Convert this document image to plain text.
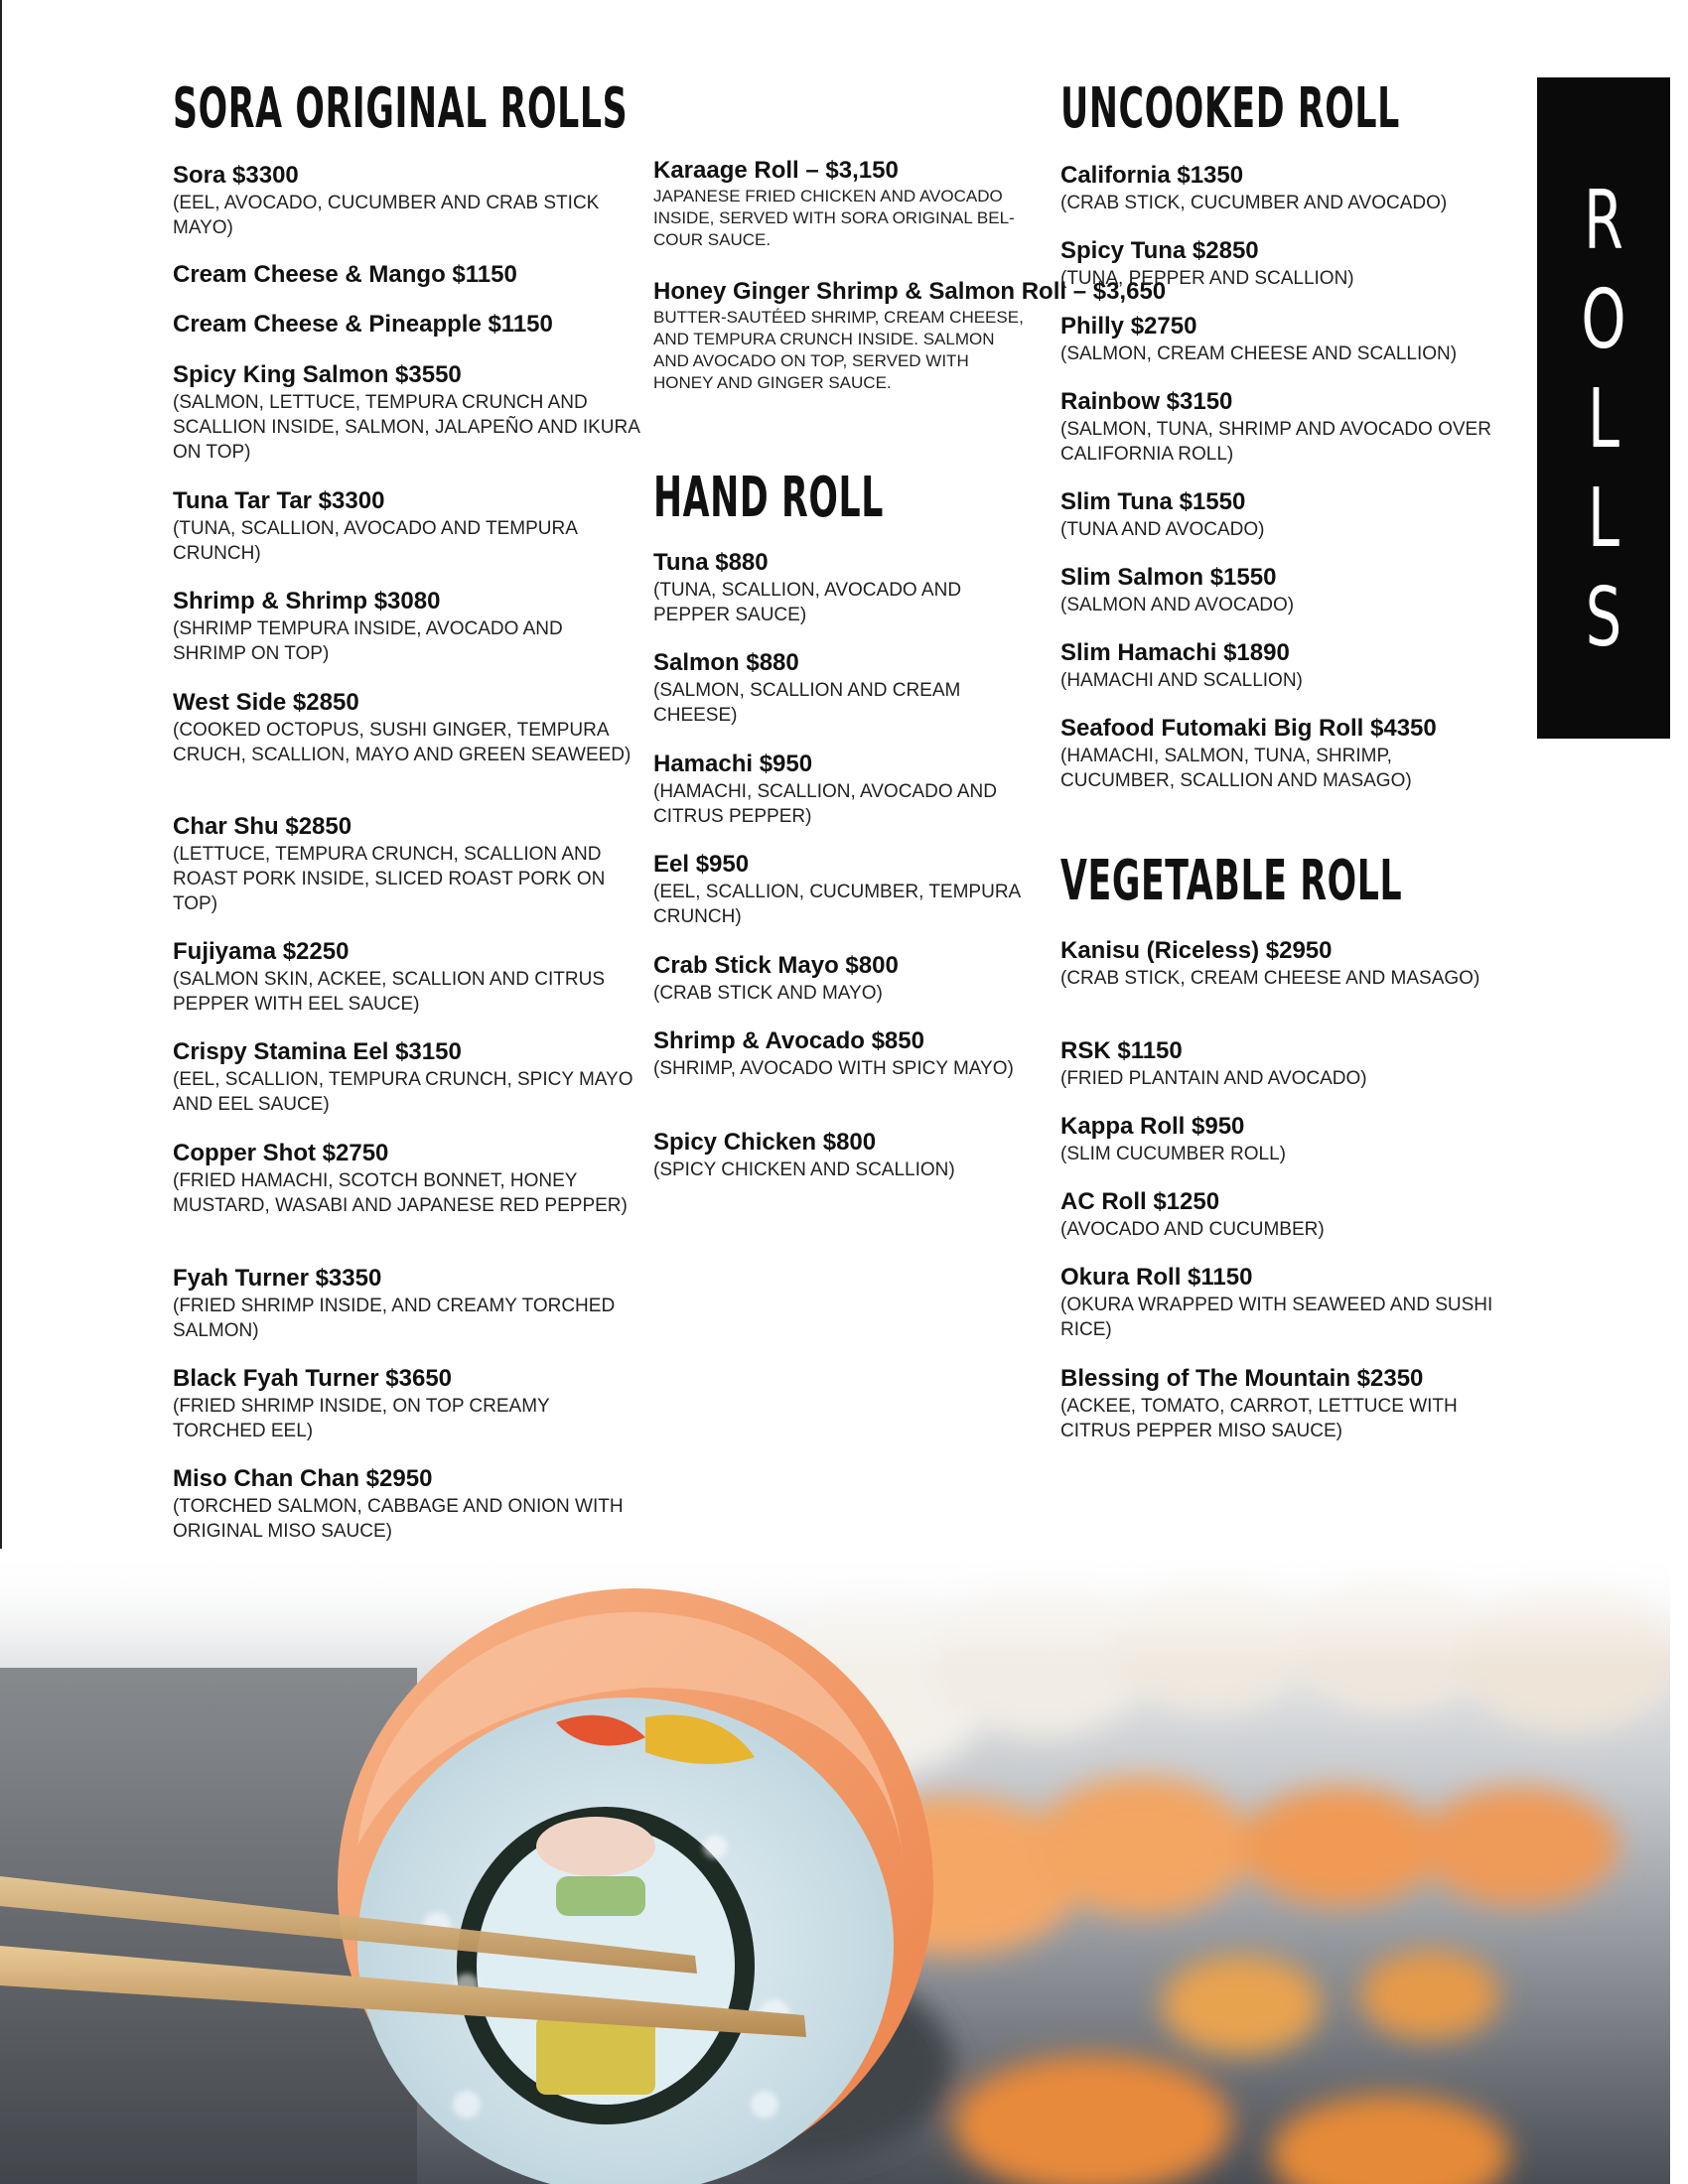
SORA ORIGINAL ROLLS
Sora $3300
(EEL, AVOCADO, CUCUMBER AND CRAB STICK MAYO)
Cream Cheese & Mango $1150
Cream Cheese & Pineapple $1150
Spicy King Salmon $3550
(SALMON, LETTUCE, TEMPURA CRUNCH AND SCALLION INSIDE, SALMON, JALAPEÑO AND IKURA ON TOP)
Tuna Tar Tar $3300
(TUNA, SCALLION, AVOCADO AND TEMPURA CRUNCH)
Shrimp & Shrimp $3080
(SHRIMP TEMPURA INSIDE, AVOCADO AND SHRIMP ON TOP)
West Side $2850
(COOKED OCTOPUS, SUSHI GINGER, TEMPURA CRUCH, SCALLION, MAYO AND GREEN SEAWEED)
Char Shu $2850
(LETTUCE, TEMPURA CRUNCH, SCALLION AND ROAST PORK INSIDE, SLICED ROAST PORK ON TOP)
Fujiyama $2250
(SALMON SKIN, ACKEE, SCALLION AND CITRUS PEPPER WITH EEL SAUCE)
Crispy Stamina Eel $3150
(EEL, SCALLION, TEMPURA CRUNCH, SPICY MAYO AND EEL SAUCE)
Copper Shot $2750
(FRIED HAMACHI, SCOTCH BONNET, HONEY MUSTARD, WASABI AND JAPANESE RED PEPPER)
Fyah Turner $3350
(FRIED SHRIMP INSIDE, AND CREAMY TORCHED SALMON)
Black Fyah Turner $3650
(FRIED SHRIMP INSIDE, ON TOP CREAMY TORCHED EEL)
Miso Chan Chan $2950
(TORCHED SALMON, CABBAGE AND ONION WITH ORIGINAL MISO SAUCE)
Karaage Roll – $3,150
JAPANESE FRIED CHICKEN AND AVOCADO INSIDE, SERVED WITH SORA ORIGINAL BEL-COUR SAUCE.
Honey Ginger Shrimp & Salmon Roll – $3,650
BUTTER-SAUTÉED SHRIMP, CREAM CHEESE, AND TEMPURA CRUNCH INSIDE. SALMON AND AVOCADO ON TOP, SERVED WITH HONEY AND GINGER SAUCE.
HAND ROLL
Tuna $880
(TUNA, SCALLION, AVOCADO AND PEPPER SAUCE)
Salmon $880
(SALMON, SCALLION AND CREAM CHEESE)
Hamachi $950
(HAMACHI, SCALLION, AVOCADO AND CITRUS PEPPER)
Eel $950
(EEL, SCALLION, CUCUMBER, TEMPURA CRUNCH)
Crab Stick Mayo $800
(CRAB STICK AND MAYO)
Shrimp & Avocado $850
(SHRIMP, AVOCADO WITH SPICY MAYO)
Spicy Chicken $800
(SPICY CHICKEN AND SCALLION)
UNCOOKED ROLL
California $1350
(CRAB STICK, CUCUMBER AND AVOCADO)
Spicy Tuna $2850
(TUNA, PEPPER AND SCALLION)
Philly $2750
(SALMON, CREAM CHEESE AND SCALLION)
Rainbow $3150
(SALMON, TUNA, SHRIMP AND AVOCADO OVER CALIFORNIA ROLL)
Slim Tuna $1550
(TUNA AND AVOCADO)
Slim Salmon $1550
(SALMON AND AVOCADO)
Slim Hamachi $1890
(HAMACHI AND SCALLION)
Seafood Futomaki Big Roll $4350
(HAMACHI, SALMON, TUNA, SHRIMP, CUCUMBER, SCALLION AND MASAGO)
VEGETABLE ROLL
Kanisu (Riceless) $2950
(CRAB STICK, CREAM CHEESE AND MASAGO)
RSK $1150
(FRIED PLANTAIN AND AVOCADO)
Kappa Roll $950
(SLIM CUCUMBER ROLL)
AC Roll $1250
(AVOCADO AND CUCUMBER)
Okura Roll $1150
(OKURA WRAPPED WITH SEAWEED AND SUSHI RICE)
Blessing of The Mountain $2350
(ACKEE, TOMATO, CARROT, LETTUCE WITH CITRUS PEPPER MISO SAUCE)
R
O
L
L
S
